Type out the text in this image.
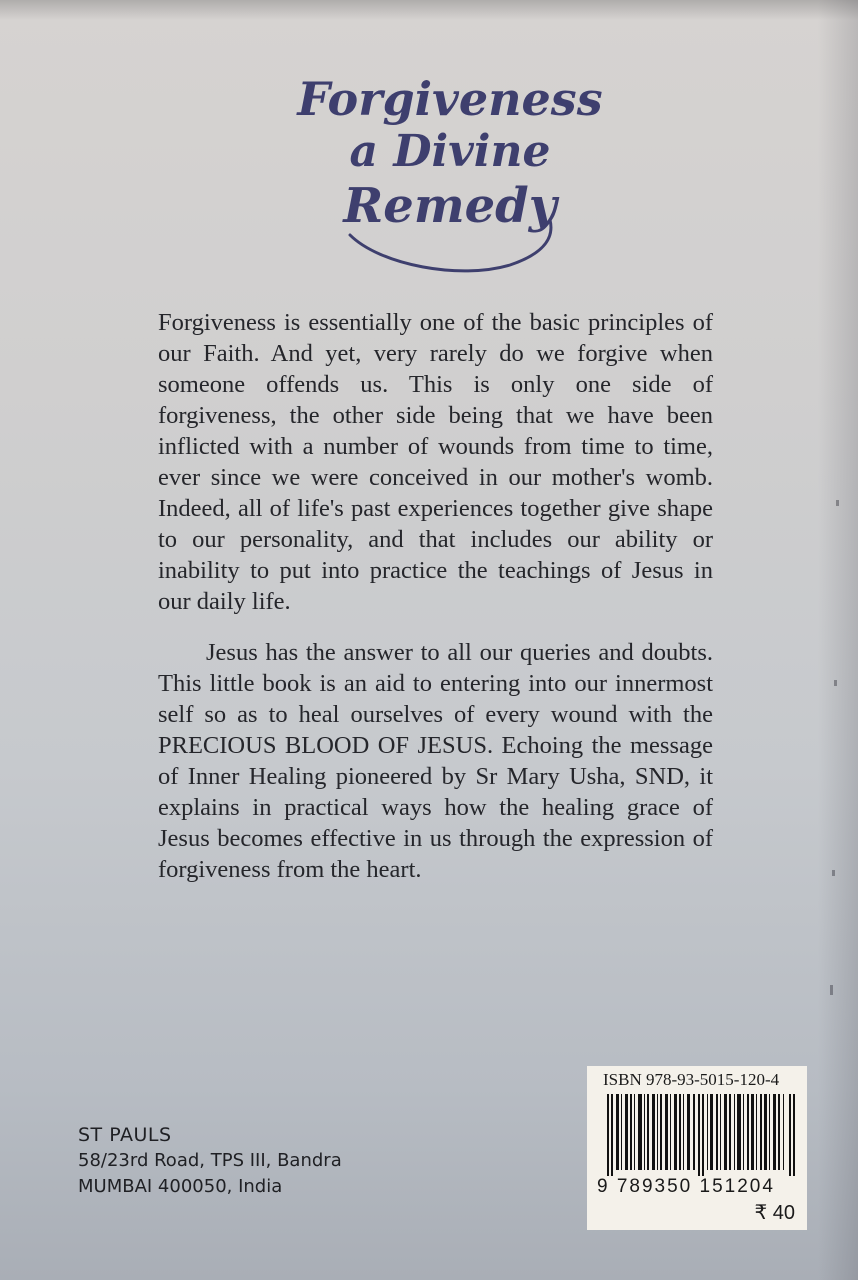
Forgiveness
a Divine
Remedy

Forgiveness is essentially one of the basic principles of our Faith. And yet, very rarely do we forgive when someone offends us. This is only one side of forgiveness, the other side being that we have been inflicted with a number of wounds from time to time, ever since we were conceived in our mother's womb. Indeed, all of life's past experiences together give shape to our personality, and that includes our ability or inability to put into practice the teachings of Jesus in our daily life.

Jesus has the answer to all our queries and doubts. This little book is an aid to entering into our innermost self so as to heal ourselves of every wound with the PRECIOUS BLOOD OF JESUS. Echoing the message of Inner Healing pioneered by Sr Mary Usha, SND, it explains in practical ways how the healing grace of Jesus becomes effective in us through the expression of forgiveness from the heart.

ST PAULS
58/23rd Road, TPS III, Bandra
MUMBAI 400050, India
ISBN 978-93-5015-120-4
9 789350 151204
₹ 40
